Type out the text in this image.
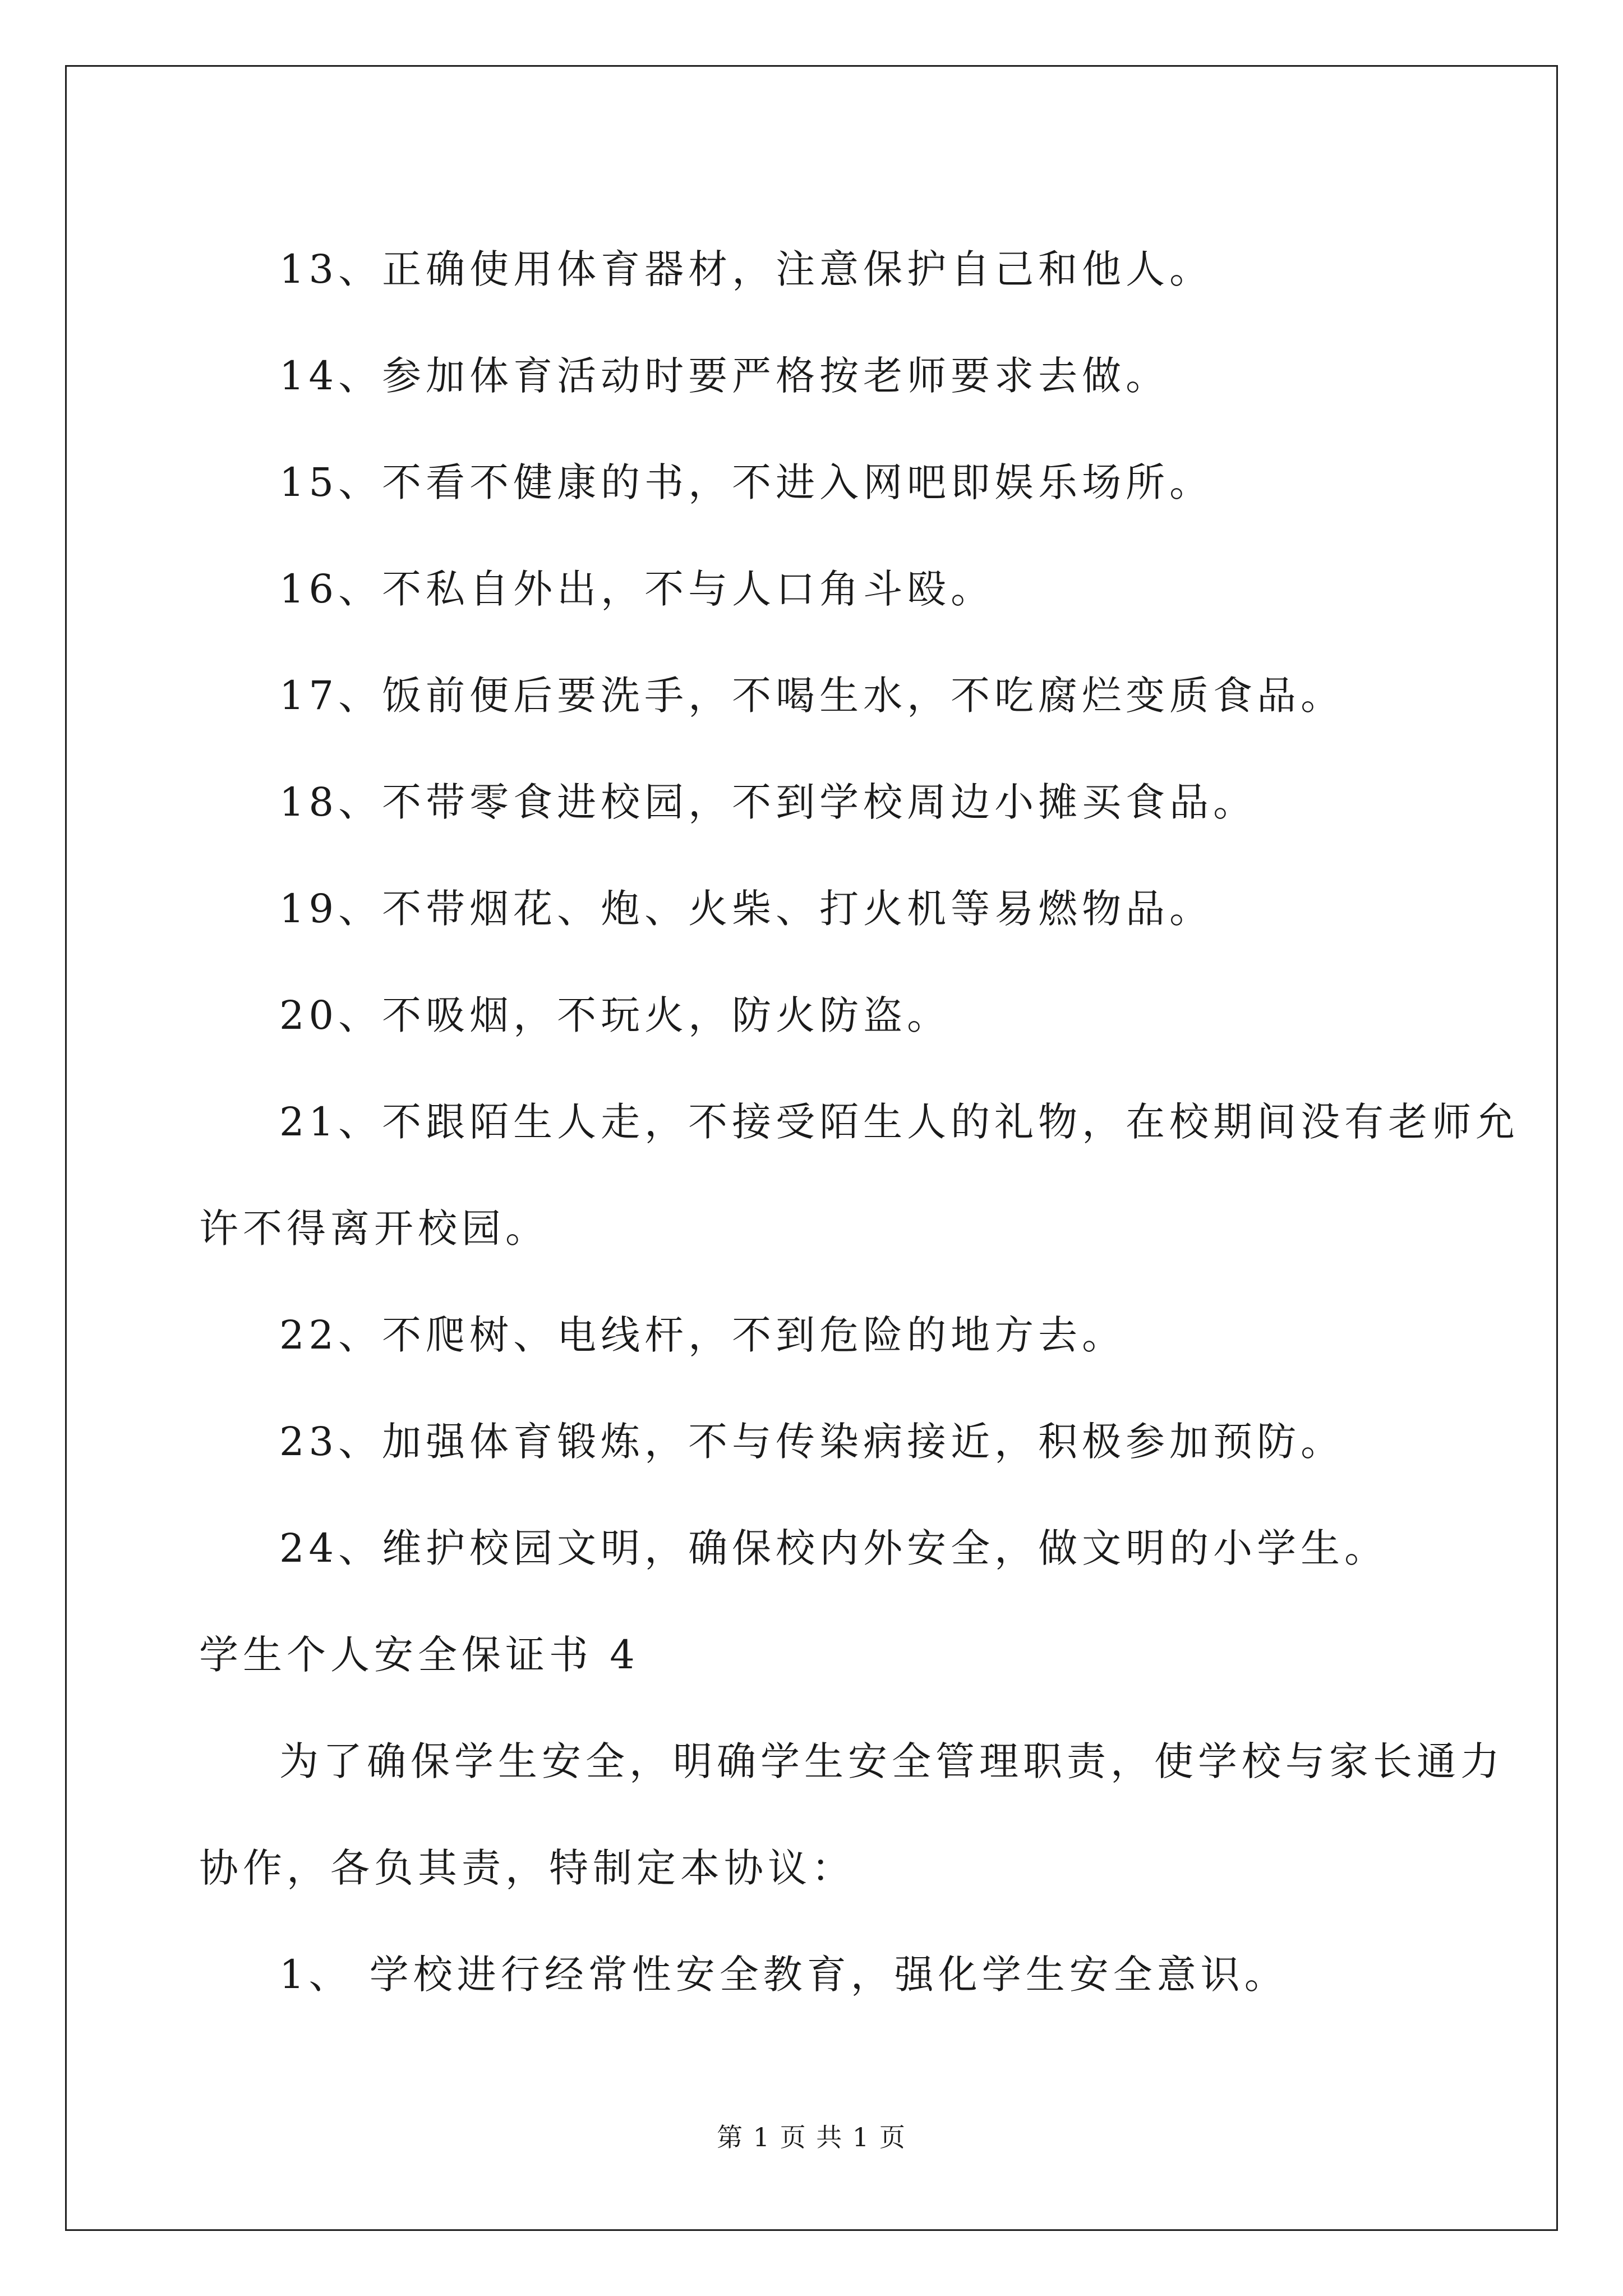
13、正确使用体育器材，注意保护自己和他人。
14、参加体育活动时要严格按老师要求去做。
15、不看不健康的书，不进入网吧即娱乐场所。
16、不私自外出，不与人口角斗殴。
17、饭前便后要洗手，不喝生水，不吃腐烂变质食品。
18、不带零食进校园，不到学校周边小摊买食品。
19、不带烟花、炮、火柴、打火机等易燃物品。
20、不吸烟，不玩火，防火防盗。
21、不跟陌生人走，不接受陌生人的礼物，在校期间没有老师允
许不得离开校园。
22、不爬树、电线杆，不到危险的地方去。
23、加强体育锻炼，不与传染病接近，积极参加预防。
24、维护校园文明，确保校内外安全，做文明的小学生。
学生个人安全保证书 4
为了确保学生安全，明确学生安全管理职责，使学校与家长通力
协作，各负其责，特制定本协议：
1、 学校进行经常性安全教育，强化学生安全意识。
第 1 页 共 1 页
